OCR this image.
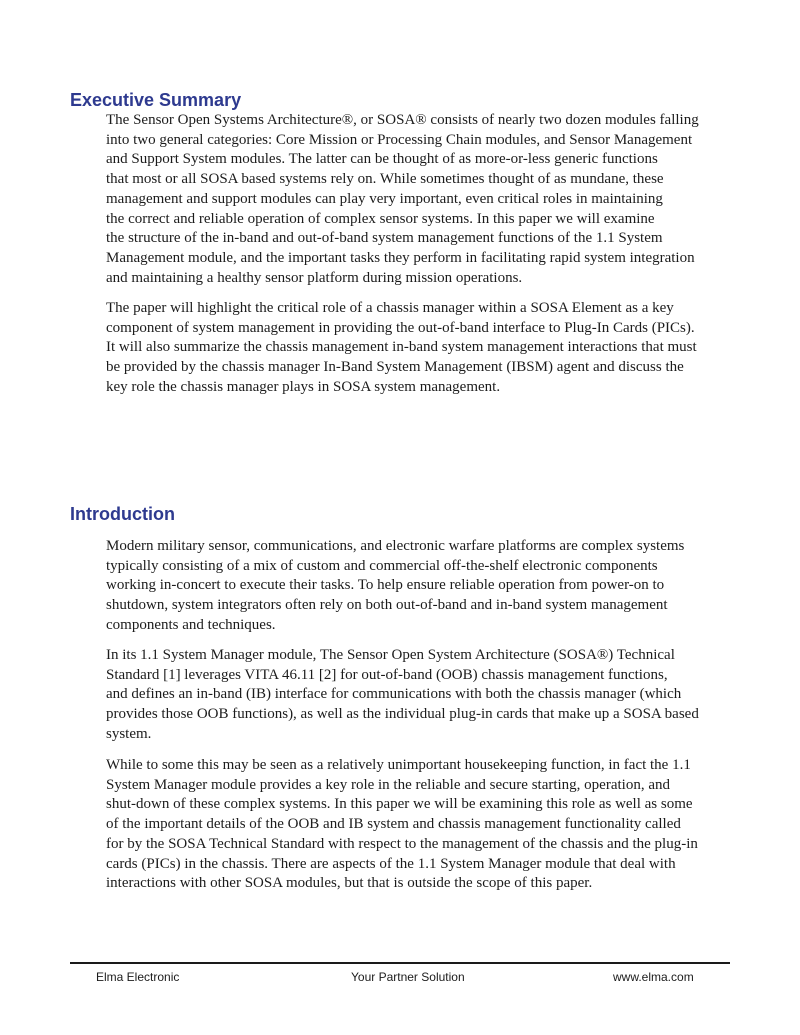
Executive Summary

The Sensor Open Systems Architecture®, or SOSA® consists of nearly two dozen modules falling
into two general categories: Core Mission or Processing Chain modules, and Sensor Management
and Support System modules. The latter can be thought of as more-or-less generic functions
that most or all SOSA based systems rely on. While sometimes thought of as mundane, these
management and support modules can play very important, even critical roles in maintaining
the correct and reliable operation of complex sensor systems. In this paper we will examine
the structure of the in-band and out-of-band system management functions of the 1.1 System
Management module, and the important tasks they perform in facilitating rapid system integration
and maintaining a healthy sensor platform during mission operations.

The paper will highlight the critical role of a chassis manager within a SOSA Element as a key
component of system management in providing the out-of-band interface to Plug-In Cards (PICs).
It will also summarize the chassis management in-band system management interactions that must
be provided by the chassis manager In-Band System Management (IBSM) agent and discuss the
key role the chassis manager plays in SOSA system management.

Introduction

Modern military sensor, communications, and electronic warfare platforms are complex systems
typically consisting of a mix of custom and commercial off-the-shelf electronic components
working in-concert to execute their tasks. To help ensure reliable operation from power-on to
shutdown, system integrators often rely on both out-of-band and in-band system management
components and techniques.

In its 1.1 System Manager module, The Sensor Open System Architecture (SOSA®) Technical
Standard [1] leverages VITA 46.11 [2] for out-of-band (OOB) chassis management functions,
and defines an in-band (IB) interface for communications with both the chassis manager (which
provides those OOB functions), as well as the individual plug-in cards that make up a SOSA based
system.

While to some this may be seen as a relatively unimportant housekeeping function, in fact the 1.1
System Manager module provides a key role in the reliable and secure starting, operation, and
shut-down of these complex systems. In this paper we will be examining this role as well as some
of the important details of the OOB and IB system and chassis management functionality called
for by the SOSA Technical Standard with respect to the management of the chassis and the plug-in
cards (PICs) in the chassis. There are aspects of the 1.1 System Manager module that deal with
interactions with other SOSA modules, but that is outside the scope of this paper.

Elma Electronic	Your Partner Solution	www.elma.com
